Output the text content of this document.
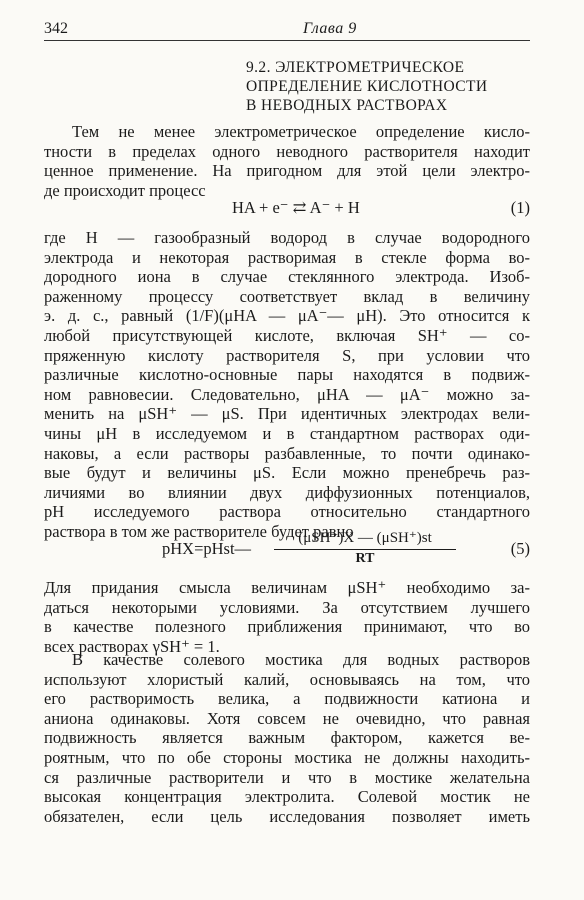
342	Глава 9
9.2. ЭЛЕКТРОМЕТРИЧЕСКОЕ
ОПРЕДЕЛЕНИЕ КИСЛОТНОСТИ
В НЕВОДНЫХ РАСТВОРАХ
Тем не менее электрометрическое определение кисло-
тности в пределах одного неводного растворителя находит
ценное применение. На пригодном для этой цели электро-
де происходит процесс
HA + e⁻ ⇄ A⁻ + H	(1)
где H — газообразный водород в случае водородного
электрода и некоторая растворимая в стекле форма во-
дородного иона в случае стеклянного электрода. Изоб-
раженному процессу соответствует вклад в величину
э. д. с., равный (1/F)(μHA — μA⁻— μH). Это относится к
любой присутствующей кислоте, включая SH⁺ — со-
пряженную кислоту растворителя S, при условии что
различные кислотно-основные пары находятся в подвиж-
ном равновесии. Следовательно, μHA — μA⁻ можно за-
менить на μSH⁺ — μS. При идентичных электродах вели-
чины μH в исследуемом и в стандартном растворах оди-
наковы, а если растворы разбавленные, то почти одинако-
вые будут и величины μS. Если можно пренебречь раз-
личиями во влиянии двух диффузионных потенциалов,
pH исследуемого раствора относительно стандартного
раствора в том же растворителе будет равно
pHX=pHst—
(μSH⁺)X — (μSH⁺)st
RT
(5)
Для придания смысла величинам μSH⁺ необходимо за-
даться некоторыми условиями. За отсутствием лучшего
в качестве полезного приближения принимают, что во
всех растворах γSH⁺ = 1.
В качестве солевого мостика для водных растворов
используют хлористый калий, основываясь на том, что
его растворимость велика, а подвижности катиона и
аниона одинаковы. Хотя совсем не очевидно, что равная
подвижность является важным фактором, кажется ве-
роятным, что по обе стороны мостика не должны находить-
ся различные растворители и что в мостике желательна
высокая концентрация электролита. Солевой мостик не
обязателен, если цель исследования позволяет иметь
